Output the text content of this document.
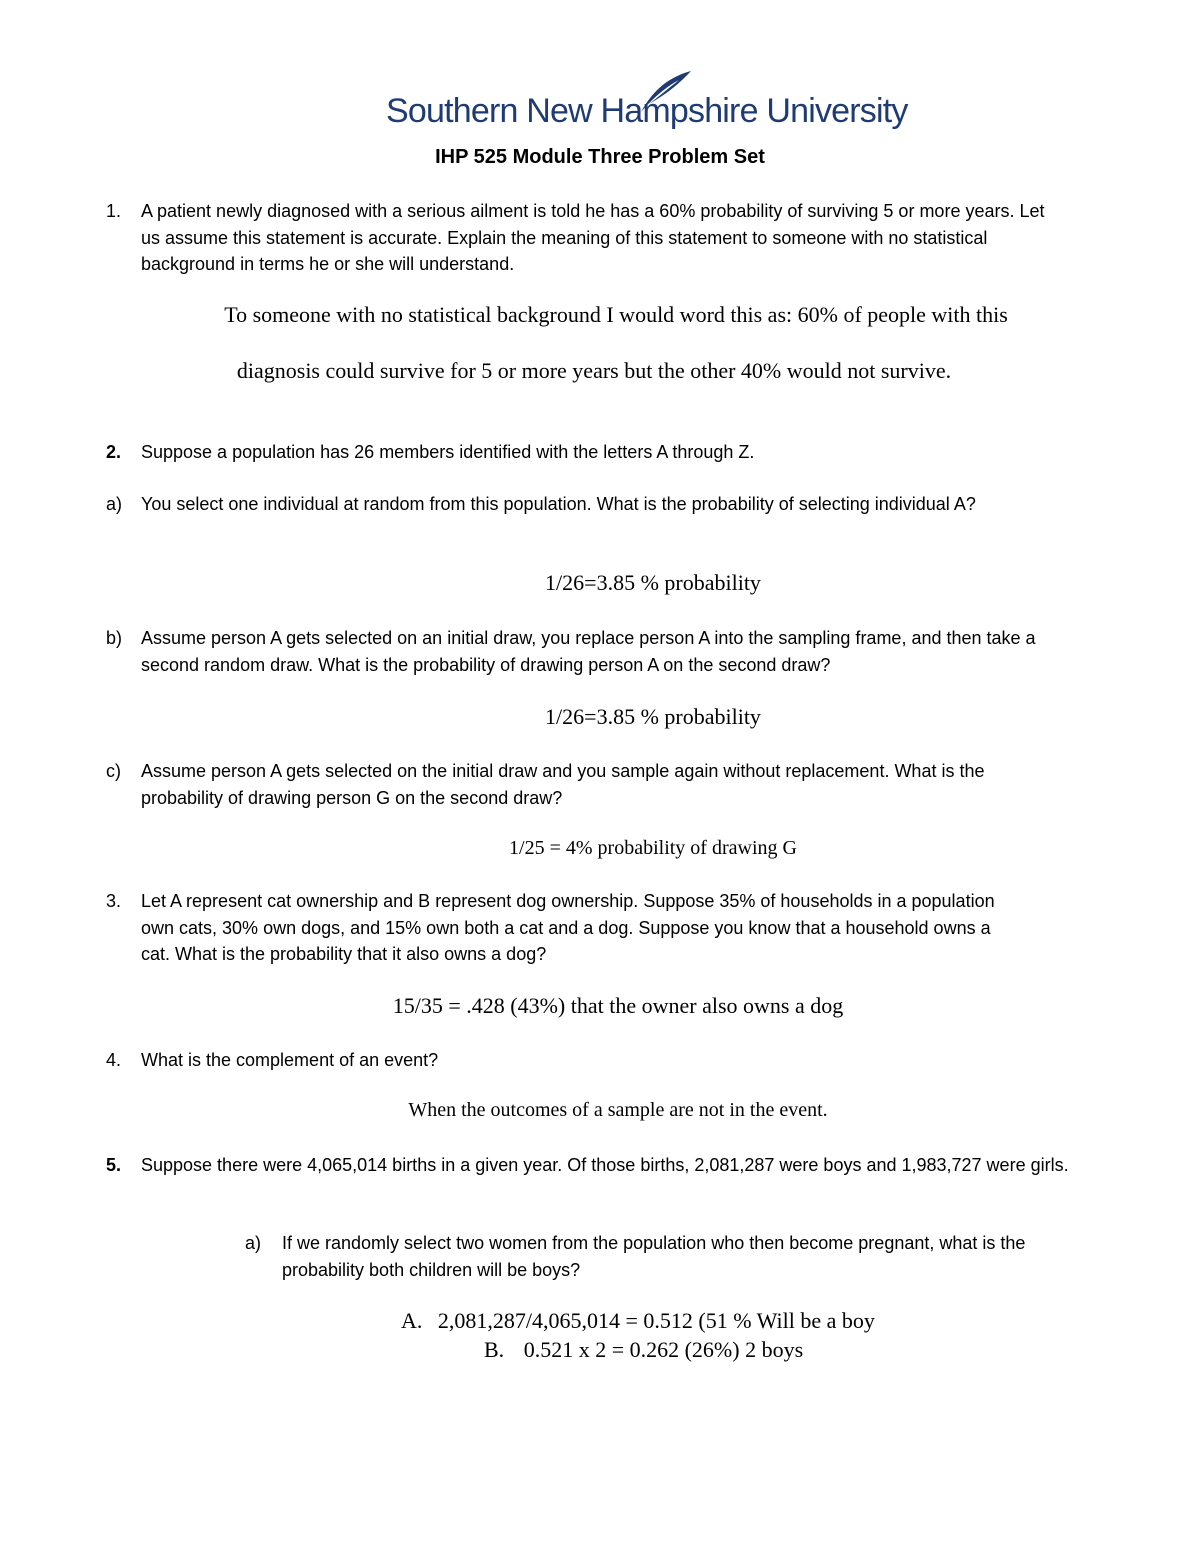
Southern New Hampshire University
IHP 525 Module Three Problem Set
1. A patient newly diagnosed with a serious ailment is told he has a 60% probability of surviving 5 or more years. Let us assume this statement is accurate. Explain the meaning of this statement to someone with no statistical background in terms he or she will understand.
To someone with no statistical background I would word this as: 60% of people with this
diagnosis could survive for 5 or more years but the other 40% would not survive.
2. Suppose a population has 26 members identified with the letters A through Z.
a) You select one individual at random from this population. What is the probability of selecting individual A?
1/26=3.85 % probability
b) Assume person A gets selected on an initial draw, you replace person A into the sampling frame, and then take a second random draw. What is the probability of drawing person A on the second draw?
1/26=3.85 % probability
c) Assume person A gets selected on the initial draw and you sample again without replacement. What is the probability of drawing person G on the second draw?
1/25 = 4% probability of drawing G
3. Let A represent cat ownership and B represent dog ownership. Suppose 35% of households in a population own cats, 30% own dogs, and 15% own both a cat and a dog. Suppose you know that a household owns a cat. What is the probability that it also owns a dog?
15/35 = .428 (43%) that the owner also owns a dog
4. What is the complement of an event?
When the outcomes of a sample are not in the event.
5. Suppose there were 4,065,014 births in a given year. Of those births, 2,081,287 were boys and 1,983,727 were girls.
a) If we randomly select two women from the population who then become pregnant, what is the probability both children will be boys?
A. 2,081,287/4,065,014 = 0.512 (51 % Will be a boy
B. 0.521 x 2 = 0.262 (26%) 2 boys
